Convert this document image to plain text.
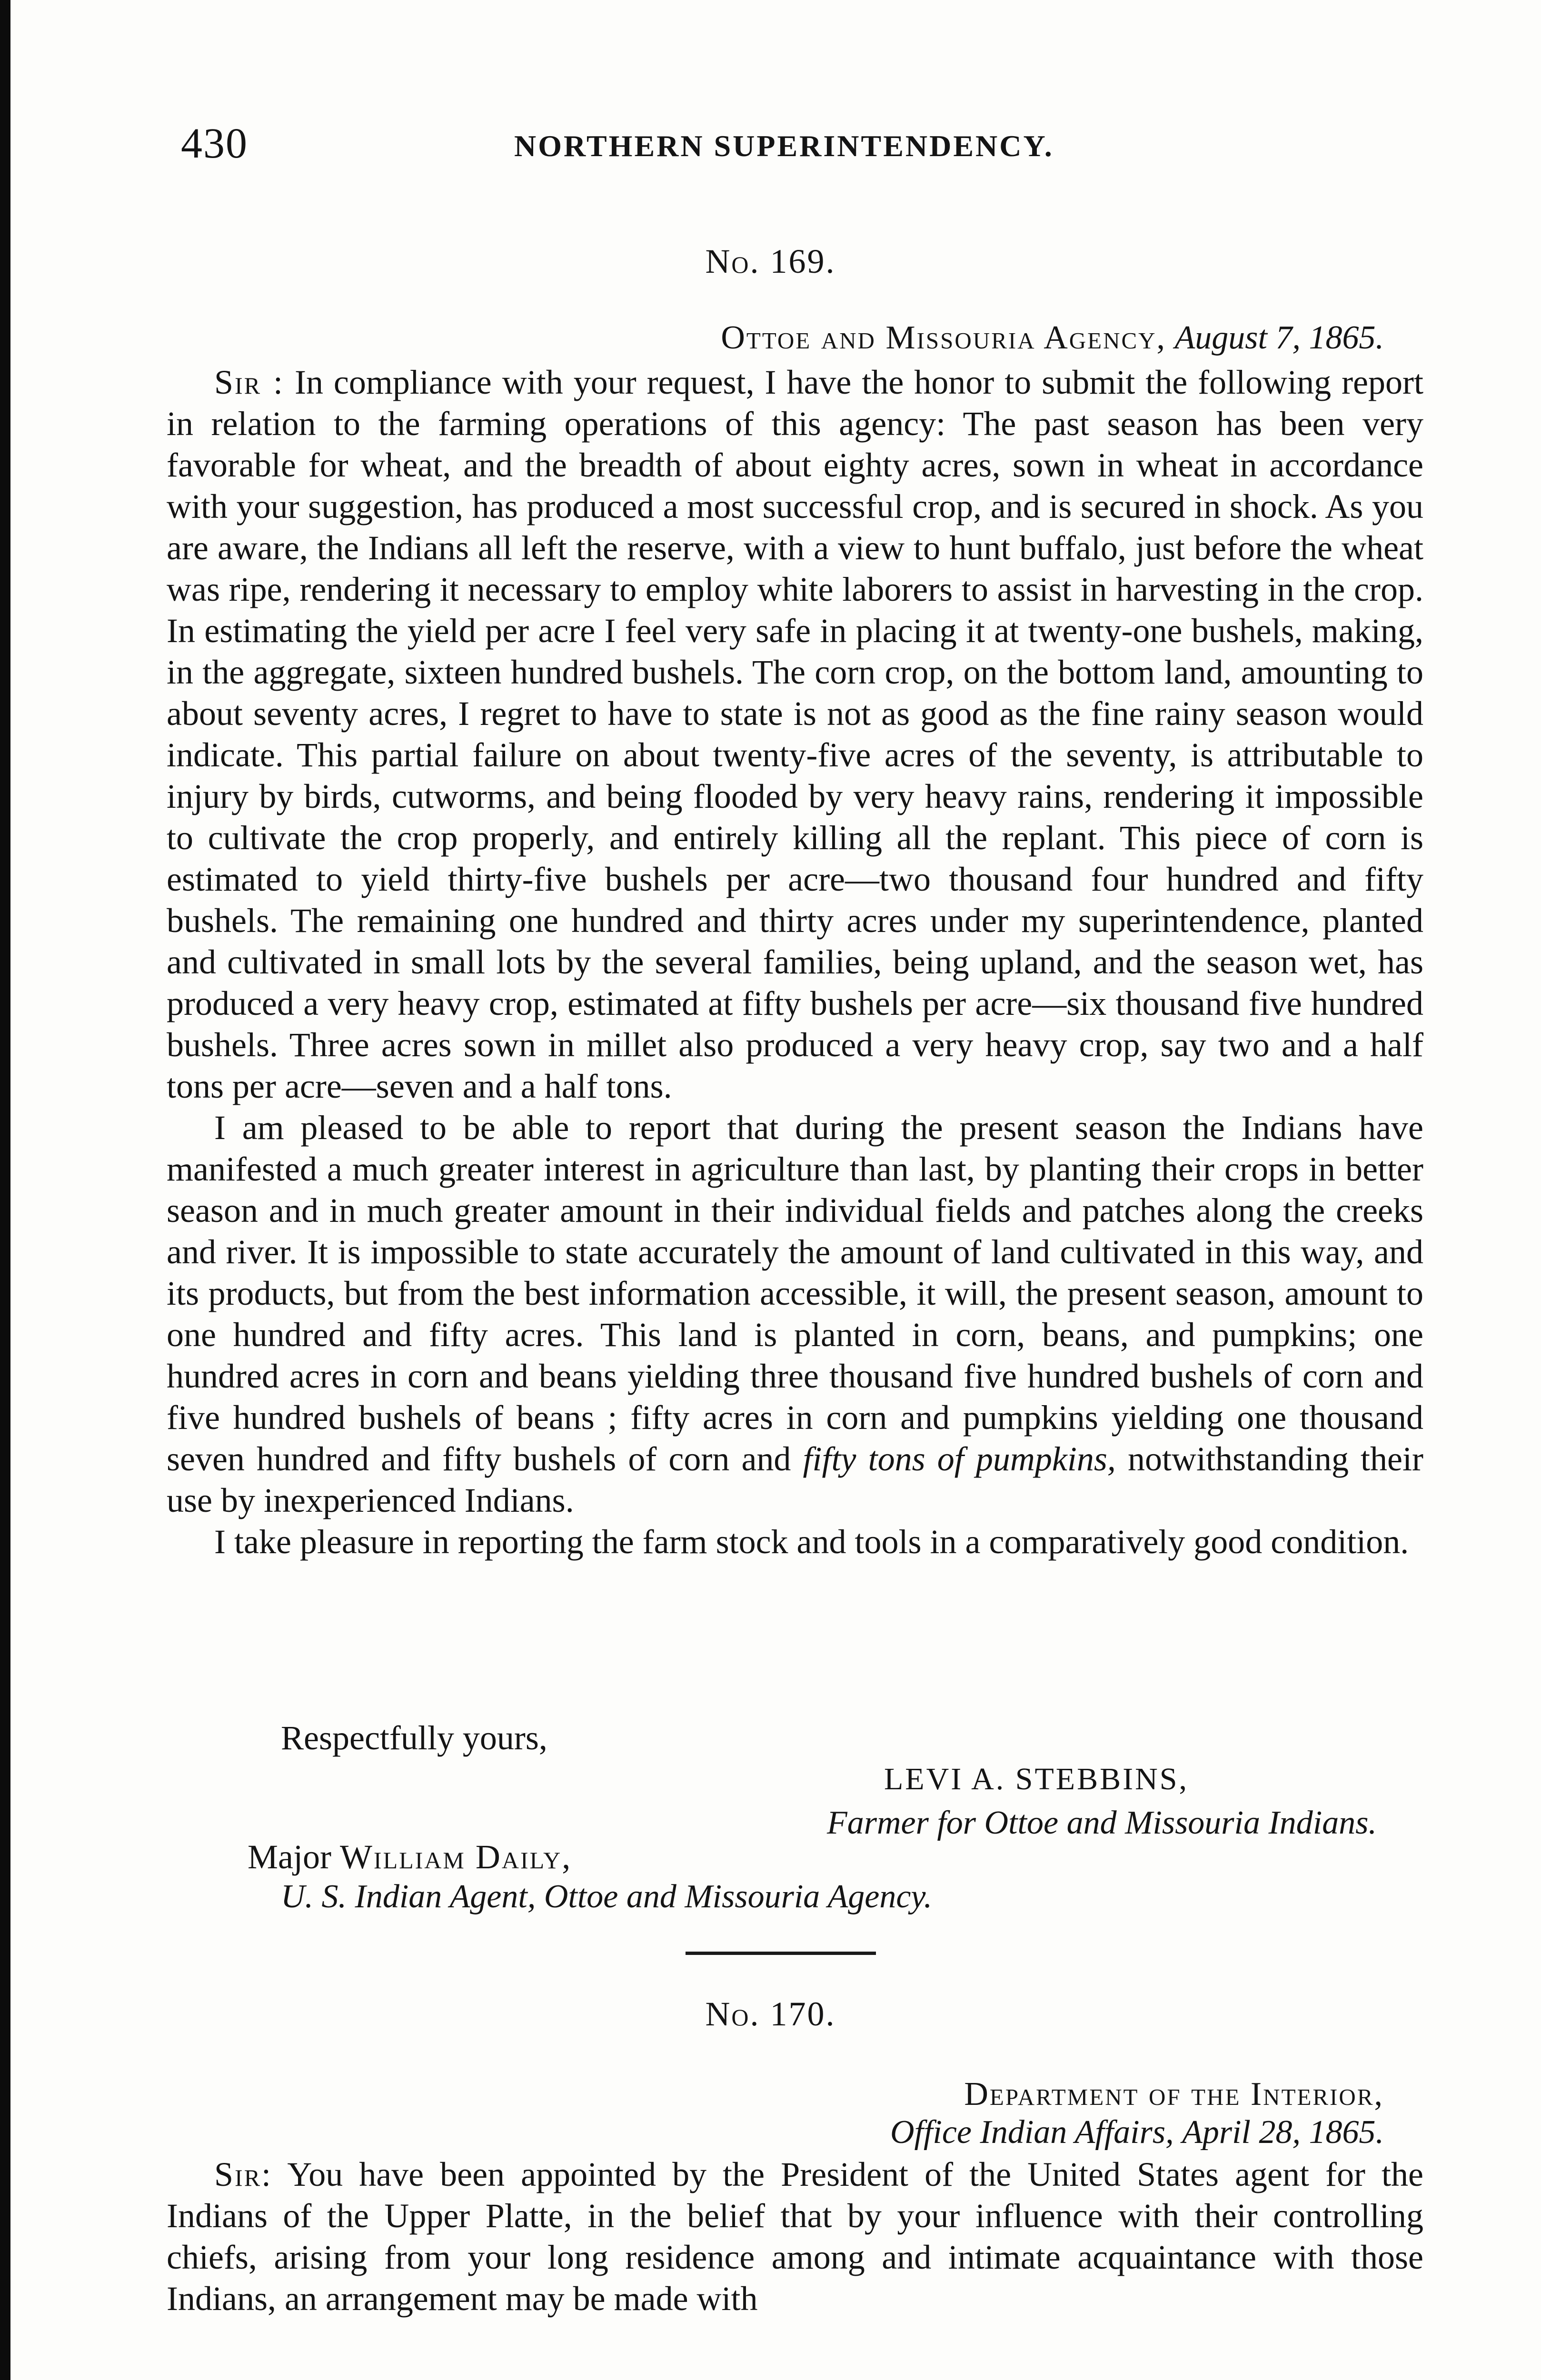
430	NORTHERN SUPERINTENDENCY.
No. 169.
Ottoe and Missouria Agency, August 7, 1865.

Sir : In compliance with your request, I have the honor to submit the following report in relation to the farming operations of this agency: The past season has been very favorable for wheat, and the breadth of about eighty acres, sown in wheat in accordance with your suggestion, has produced a most successful crop, and is secured in shock. As you are aware, the Indians all left the reserve, with a view to hunt buffalo, just before the wheat was ripe, rendering it necessary to employ white laborers to assist in harvesting in the crop. In estimating the yield per acre I feel very safe in placing it at twenty-one bushels, making, in the aggregate, sixteen hundred bushels. The corn crop, on the bottom land, amounting to about seventy acres, I regret to have to state is not as good as the fine rainy season would indicate. This partial failure on about twenty-five acres of the seventy, is attributable to injury by birds, cutworms, and being flooded by very heavy rains, rendering it impossible to cultivate the crop properly, and entirely killing all the replant. This piece of corn is estimated to yield thirty-five bushels per acre—two thousand four hundred and fifty bushels. The remaining one hundred and thirty acres under my superintendence, planted and cultivated in small lots by the several families, being upland, and the season wet, has produced a very heavy crop, estimated at fifty bushels per acre—six thousand five hundred bushels. Three acres sown in millet also produced a very heavy crop, say two and a half tons per acre—seven and a half tons.

I am pleased to be able to report that during the present season the Indians have manifested a much greater interest in agriculture than last, by planting their crops in better season and in much greater amount in their individual fields and patches along the creeks and river. It is impossible to state accurately the amount of land cultivated in this way, and its products, but from the best information accessible, it will, the present season, amount to one hundred and fifty acres. This land is planted in corn, beans, and pumpkins; one hundred acres in corn and beans yielding three thousand five hundred bushels of corn and five hundred bushels of beans ; fifty acres in corn and pumpkins yielding one thousand seven hundred and fifty bushels of corn and fifty tons of pumpkins, notwithstanding their use by inexperienced Indians.

I take pleasure in reporting the farm stock and tools in a comparatively good condition.

Respectfully yours,
LEVI A. STEBBINS,
Farmer for Ottoe and Missouria Indians.
Major William Daily,
U. S. Indian Agent, Ottoe and Missouria Agency.
No. 170.
Department of the Interior,
Office Indian Affairs, April 28, 1865.

Sir: You have been appointed by the President of the United States agent for the Indians of the Upper Platte, in the belief that by your influence with their controlling chiefs, arising from your long residence among and intimate acquaintance with those Indians, an arrangement may be made with
